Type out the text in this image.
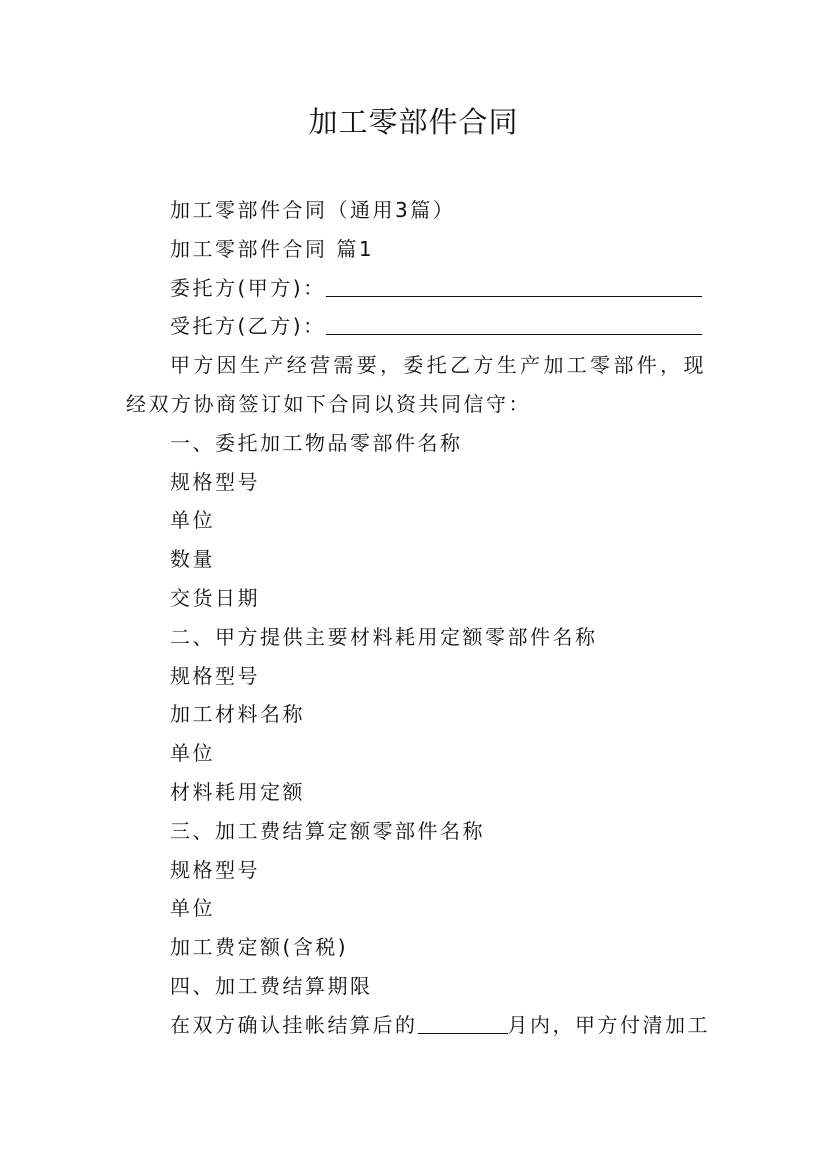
加工零部件合同

加工零部件合同（通用3篇）

加工零部件合同 篇1

委托方(甲方)：

受托方(乙方)：

甲方因生产经营需要，委托乙方生产加工零部件，现经双方协商签订如下合同以资共同信守：

一、委托加工物品零部件名称

规格型号

单位

数量

交货日期

二、甲方提供主要材料耗用定额零部件名称

规格型号

加工材料名称

单位

材料耗用定额

三、加工费结算定额零部件名称

规格型号

单位

加工费定额(含税)

四、加工费结算期限

在双方确认挂帐结算后的	月内，甲方付清加工
